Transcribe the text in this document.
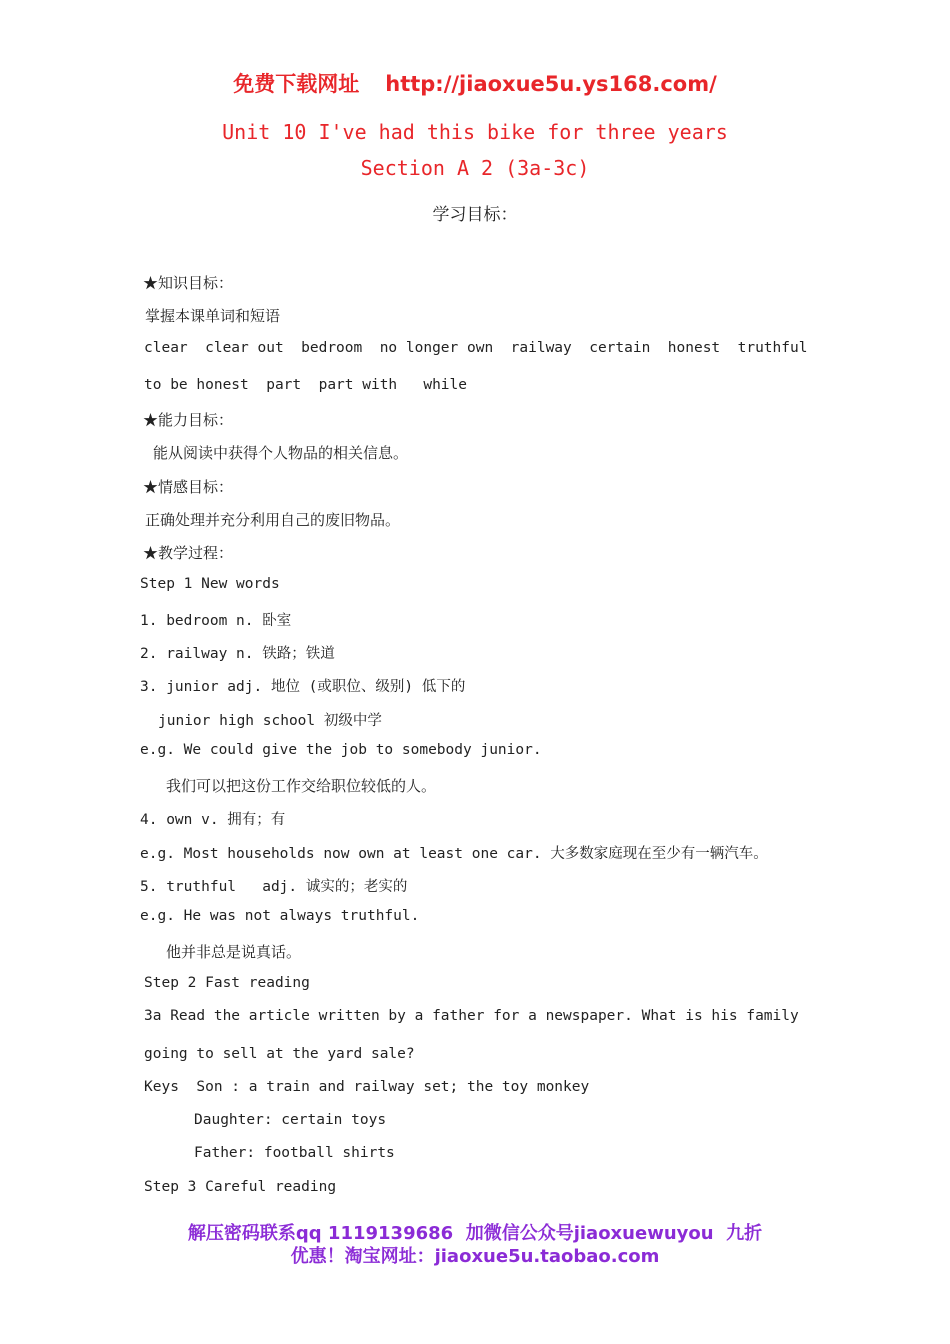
免费下载网址 http://jiaoxue5u.ys168.com/
Unit 10 I've had this bike for three years
Section A 2 (3a-3c)
学习目标：
★知识目标：
掌握本课单词和短语
clear  clear out  bedroom  no longer own  railway  certain  honest  truthful
to be honest  part  part with   while
★能力目标：
能从阅读中获得个人物品的相关信息。
★情感目标：
正确处理并充分利用自己的废旧物品。
★教学过程：
Step 1 New words
1. bedroom n. 卧室
2. railway n. 铁路；铁道
3. junior adj. 地位 (或职位、级别) 低下的
junior high school 初级中学
e.g. We could give the job to somebody junior.
我们可以把这份工作交给职位较低的人。
4. own v. 拥有；有
e.g. Most households now own at least one car. 大多数家庭现在至少有一辆汽车。
5. truthful   adj. 诚实的；老实的
e.g. He was not always truthful.
他并非总是说真话。
Step 2 Fast reading
3a Read the article written by a father for a newspaper. What is his family
going to sell at the yard sale?
Keys  Son : a train and railway set; the toy monkey
Daughter: certain toys
Father: football shirts
Step 3 Careful reading
解压密码联系qq 1119139686  加微信公众号jiaoxuewuyou  九折
优惠！淘宝网址：jiaoxue5u.taobao.com
